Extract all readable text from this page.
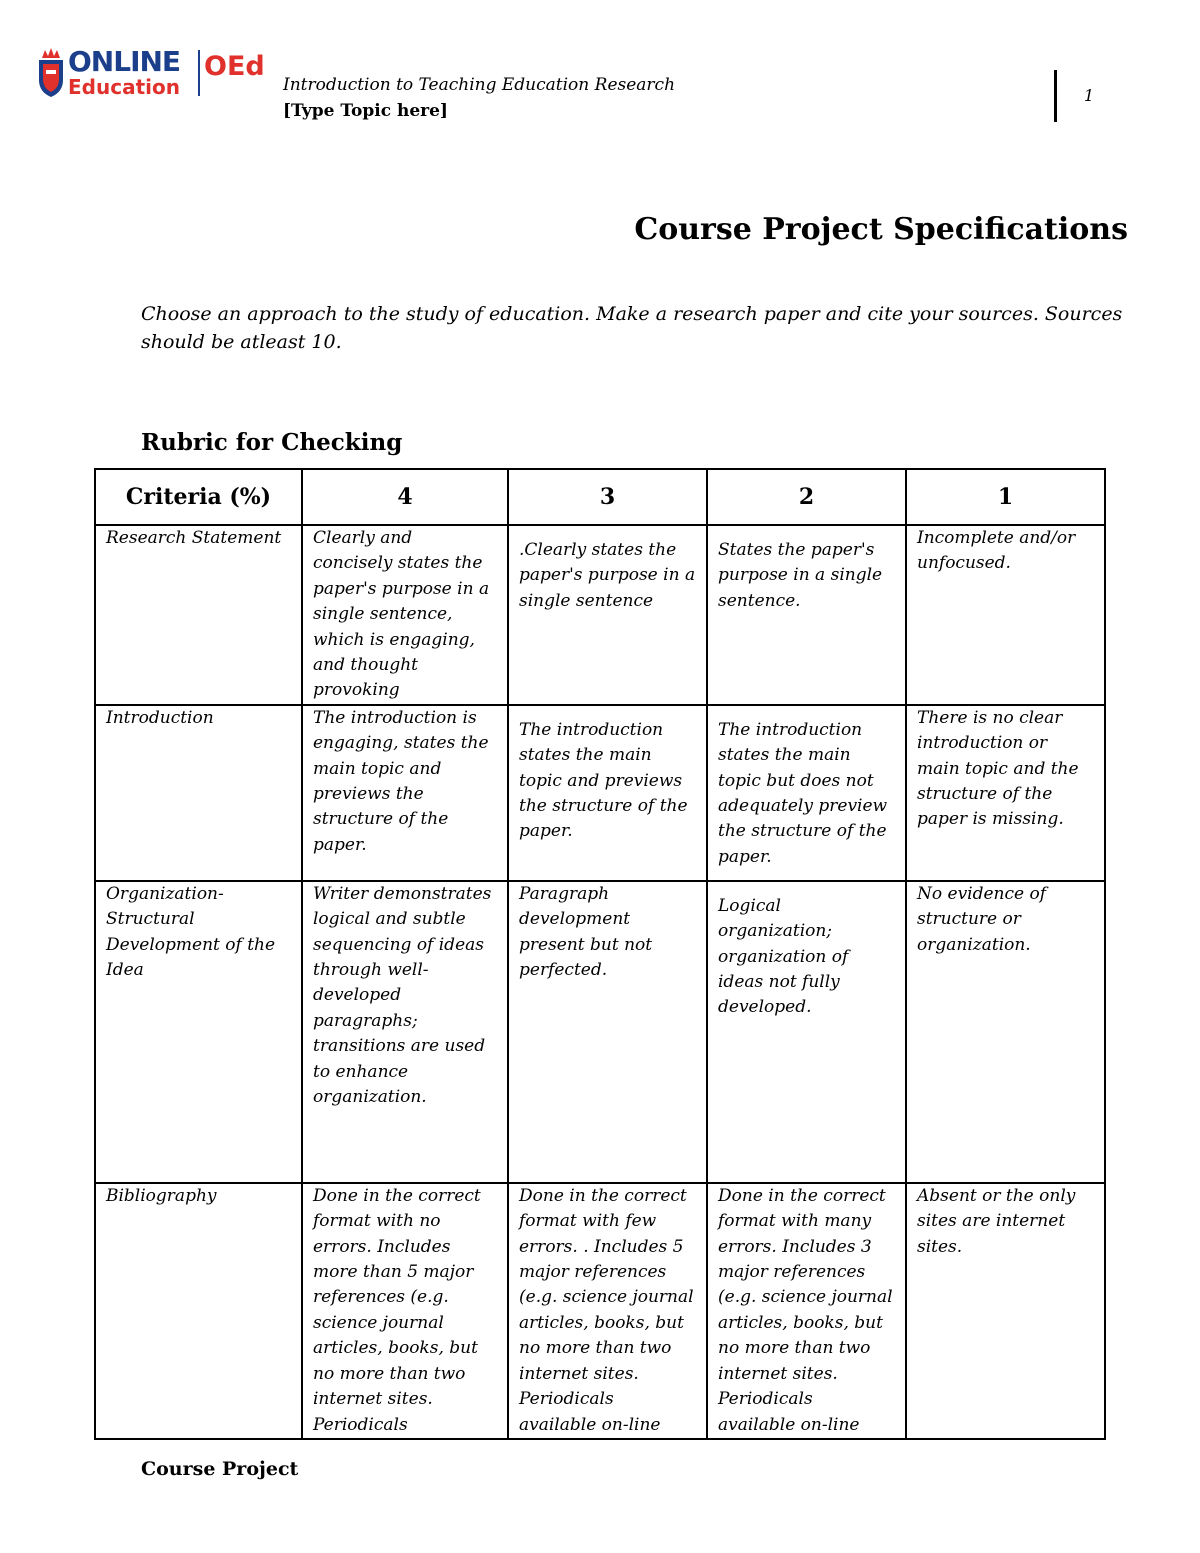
ONLINE
Education
OEd
Introduction to Teaching Education Research
[Type Topic here]
1
Course Project Specifications
Choose an approach to the study of education. Make a research paper and cite your sources. Sources should be atleast 10.
Rubric for Checking
Criteria (%)	4	3	2	1
Research Statement	Clearly and concisely states the paper's purpose in a single sentence, which is engaging, and thought provoking	.Clearly states the paper's purpose in a single sentence	States the paper's purpose in a single sentence.	Incomplete and/or unfocused.
Introduction	The introduction is engaging, states the main topic and previews the structure of the paper.	The introduction states the main topic and previews the structure of the paper.	The introduction states the main topic but does not adequately preview the structure of the paper.	There is no clear introduction or main topic and the structure of the paper is missing.
Organization-Structural Development of the Idea	Writer demonstrates logical and subtle sequencing of ideas through well-developed paragraphs; transitions are used to enhance organization.	Paragraph development present but not perfected.	Logical organization; organization of ideas not fully developed.	No evidence of structure or organization.
Bibliography	Done in the correct format with no errors. Includes more than 5 major references (e.g. science journal articles, books, but no more than two internet sites. Periodicals	Done in the correct format with few errors. . Includes 5 major references (e.g. science journal articles, books, but no more than two internet sites. Periodicals available on-line	Done in the correct format with many errors. Includes 3 major references (e.g. science journal articles, books, but no more than two internet sites. Periodicals available on-line	Absent or the only sites are internet sites.
Course Project
